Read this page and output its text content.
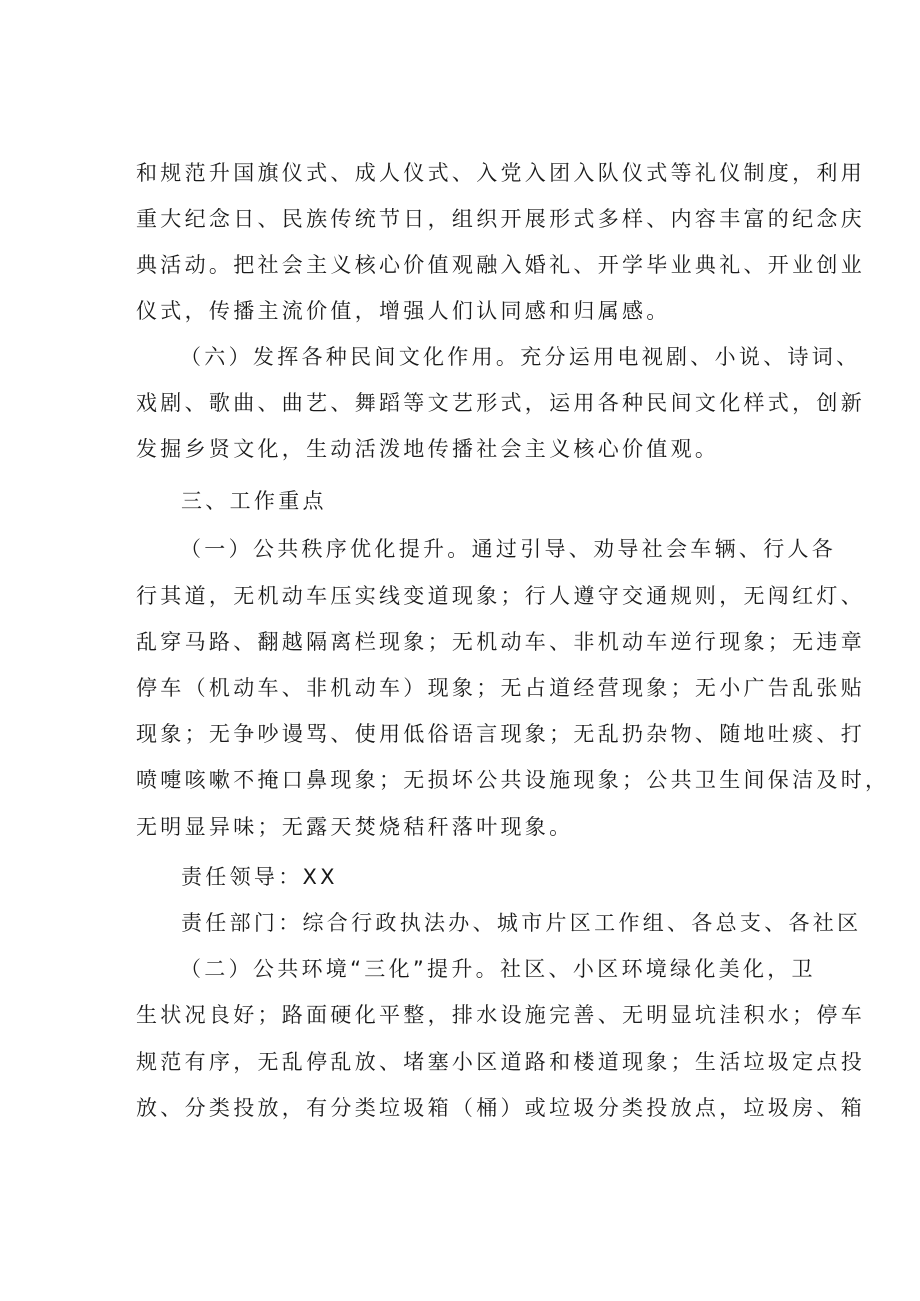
和规范升国旗仪式、成人仪式、入党入团入队仪式等礼仪制度，利用
重大纪念日、民族传统节日，组织开展形式多样、内容丰富的纪念庆
典活动。把社会主义核心价值观融入婚礼、开学毕业典礼、开业创业
仪式，传播主流价值，增强人们认同感和归属感。
（六）发挥各种民间文化作用。充分运用电视剧、小说、诗词、
戏剧、歌曲、曲艺、舞蹈等文艺形式，运用各种民间文化样式，创新
发掘乡贤文化，生动活泼地传播社会主义核心价值观。
三、工作重点
（一）公共秩序优化提升。通过引导、劝导社会车辆、行人各
行其道，无机动车压实线变道现象；行人遵守交通规则，无闯红灯、
乱穿马路、翻越隔离栏现象；无机动车、非机动车逆行现象；无违章
停车（机动车、非机动车）现象；无占道经营现象；无小广告乱张贴
现象；无争吵谩骂、使用低俗语言现象；无乱扔杂物、随地吐痰、打
喷嚏咳嗽不掩口鼻现象；无损坏公共设施现象；公共卫生间保洁及时，
无明显异味；无露天焚烧秸秆落叶现象。
责任领导：XX
责任部门：综合行政执法办、城市片区工作组、各总支、各社区
（二）公共环境“三化”提升。社区、小区环境绿化美化，卫
生状况良好；路面硬化平整，排水设施完善、无明显坑洼积水；停车
规范有序，无乱停乱放、堵塞小区道路和楼道现象；生活垃圾定点投
放、分类投放，有分类垃圾箱（桶）或垃圾分类投放点，垃圾房、箱
